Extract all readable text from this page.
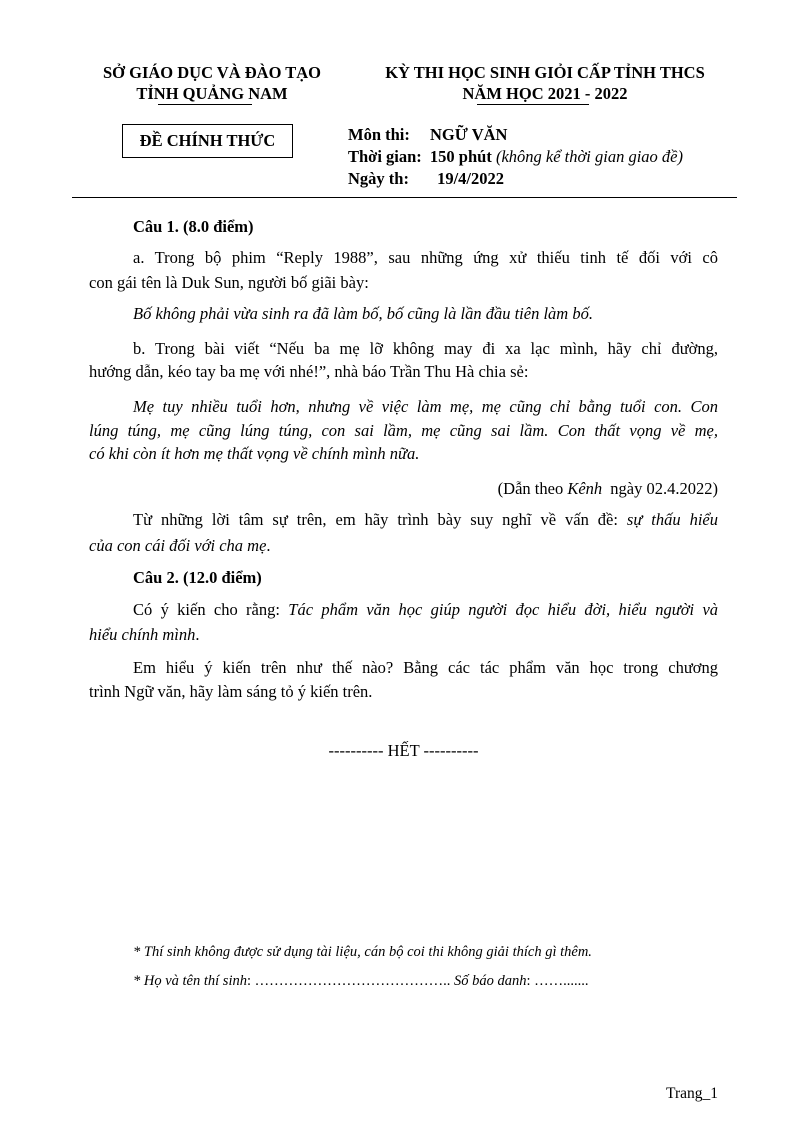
SỞ GIÁO DỤC VÀ ĐÀO TẠO
TỈNH QUẢNG NAM
KỲ THI HỌC SINH GIỎI CẤP TỈNH THCS
NĂM HỌC 2021 - 2022
ĐỀ CHÍNH THỨC	Môn thi: NGỮ VĂN
Thời gian: 150 phút (không kể thời gian giao đề)
Ngày th: 19/4/2022
Câu 1. (8.0 điểm)
a. Trong bộ phim “Reply 1988”, sau những ứng xử thiếu tinh tế đối với cô
con gái tên là Duk Sun, người bố giãi bày:
Bố không phải vừa sinh ra đã làm bố, bố cũng là lần đầu tiên làm bố.
b. Trong bài viết “Nếu ba mẹ lỡ không may đi xa lạc mình, hãy chỉ đường,
hướng dẫn, kéo tay ba mẹ với nhé!”, nhà báo Trần Thu Hà chia sẻ:
Mẹ tuy nhiều tuổi hơn, nhưng về việc làm mẹ, mẹ cũng chỉ bằng tuổi con. Con
lúng túng, mẹ cũng lúng túng, con sai lầm, mẹ cũng sai lầm. Con thất vọng về mẹ,
có khi còn ít hơn mẹ thất vọng về chính mình nữa.
(Dẫn theo Kênh ngày 02.4.2022)
Từ những lời tâm sự trên, em hãy trình bày suy nghĩ về vấn đề: sự thấu hiểu
của con cái đối với cha mẹ.
Câu 2. (12.0 điểm)
Có ý kiến cho rằng: Tác phẩm văn học giúp người đọc hiểu đời, hiểu người và
hiểu chính mình.
Em hiểu ý kiến trên như thế nào? Bằng các tác phẩm văn học trong chương
trình Ngữ văn, hãy làm sáng tỏ ý kiến trên.
---------- HẾT ----------
* Thí sinh không được sử dụng tài liệu, cán bộ coi thi không giải thích gì thêm.
* Họ và tên thí sinh: ………………………………….. Số báo danh: …….......
Trang_1
